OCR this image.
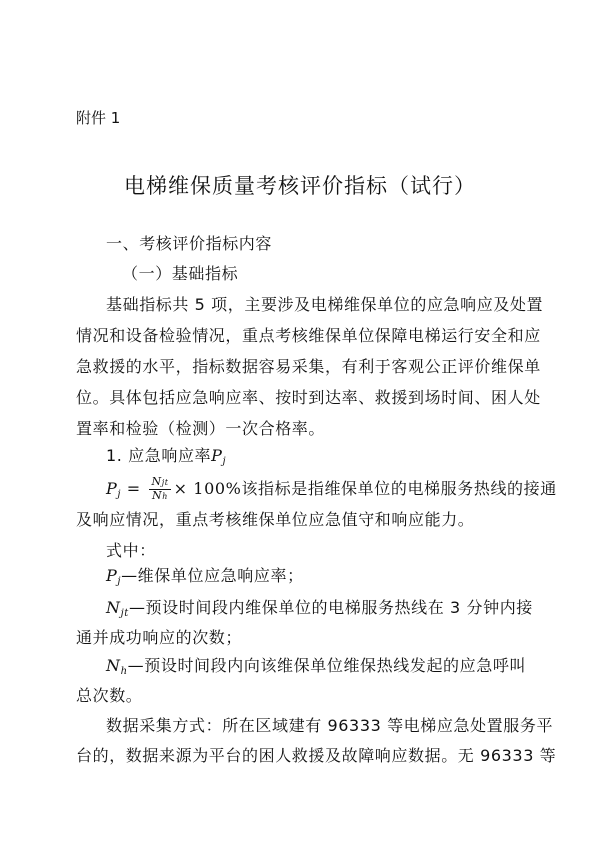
附件 1
电梯维保质量考核评价指标（试行）
一、考核评价指标内容
（一）基础指标
基础指标共 5 项，主要涉及电梯维保单位的应急响应及处置
情况和设备检验情况，重点考核维保单位保障电梯运行安全和应
急救援的水平，指标数据容易采集，有利于客观公正评价维保单
位。具体包括应急响应率、按时到达率、救援到场时间、困人处
置率和检验（检测）一次合格率。
1. 应急响应率$P_j$
$P_j = \frac{\text{Njt}}{Nh} \times 100\%$该指标是指维保单位的电梯服务热线的接通
及响应情况，重点考核维保单位应急值守和响应能力。
式中：
$P_j—$维保单位应急响应率；
$N_{jt}—$预设时间段内维保单位的电梯服务热线在 3 分钟内接
通并成功响应的次数；
$N_h—$预设时间段内向该维保单位维保热线发起的应急呼叫
总次数。
数据采集方式：所在区域建有 96333 等电梯应急处置服务平
台的，数据来源为平台的困人救援及故障响应数据。无 96333 等
